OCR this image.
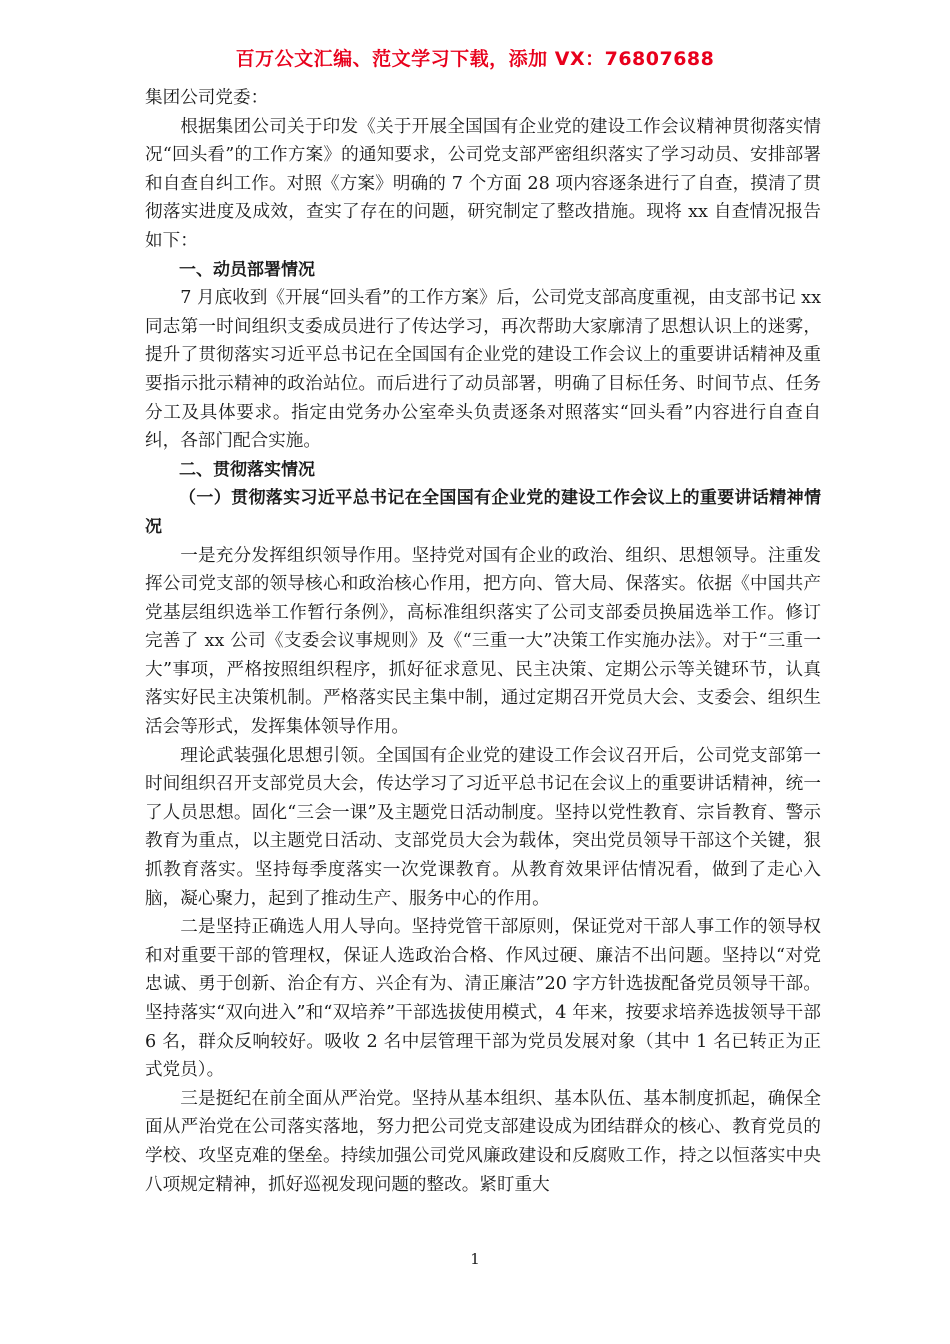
百万公文汇编、范文学习下载，添加 VX：76807688

集团公司党委：

根据集团公司关于印发《关于开展全国国有企业党的建设工作会议精神贯彻落实情况“回头看”的工作方案》的通知要求，公司党支部严密组织落实了学习动员、安排部署和自查自纠工作。对照《方案》明确的 7 个方面 28 项内容逐条进行了自查，摸清了贯彻落实进度及成效，查实了存在的问题，研究制定了整改措施。现将 xx 自查情况报告如下：

一、动员部署情况

7 月底收到《开展“回头看”的工作方案》后，公司党支部高度重视，由支部书记 xx 同志第一时间组织支委成员进行了传达学习，再次帮助大家廓清了思想认识上的迷雾，提升了贯彻落实习近平总书记在全国国有企业党的建设工作会议上的重要讲话精神及重要指示批示精神的政治站位。而后进行了动员部署，明确了目标任务、时间节点、任务分工及具体要求。指定由党务办公室牵头负责逐条对照落实“回头看”内容进行自查自纠，各部门配合实施。

二、贯彻落实情况

（一）贯彻落实习近平总书记在全国国有企业党的建设工作会议上的重要讲话精神情况

一是充分发挥组织领导作用。坚持党对国有企业的政治、组织、思想领导。注重发挥公司党支部的领导核心和政治核心作用，把方向、管大局、保落实。依据《中国共产党基层组织选举工作暂行条例》，高标准组织落实了公司支部委员换届选举工作。修订完善了 xx 公司《支委会议事规则》及《“三重一大”决策工作实施办法》。对于“三重一大”事项，严格按照组织程序，抓好征求意见、民主决策、定期公示等关键环节，认真落实好民主决策机制。严格落实民主集中制，通过定期召开党员大会、支委会、组织生活会等形式，发挥集体领导作用。

理论武装强化思想引领。全国国有企业党的建设工作会议召开后，公司党支部第一时间组织召开支部党员大会，传达学习了习近平总书记在会议上的重要讲话精神，统一了人员思想。固化“三会一课”及主题党日活动制度。坚持以党性教育、宗旨教育、警示教育为重点，以主题党日活动、支部党员大会为载体，突出党员领导干部这个关键，狠抓教育落实。坚持每季度落实一次党课教育。从教育效果评估情况看，做到了走心入脑，凝心聚力，起到了推动生产、服务中心的作用。

二是坚持正确选人用人导向。坚持党管干部原则，保证党对干部人事工作的领导权和对重要干部的管理权，保证人选政治合格、作风过硬、廉洁不出问题。坚持以“对党忠诚、勇于创新、治企有方、兴企有为、清正廉洁”20 字方针选拔配备党员领导干部。坚持落实“双向进入”和“双培养”干部选拔使用模式，4 年来，按要求培养选拔领导干部 6 名，群众反响较好。吸收 2 名中层管理干部为党员发展对象（其中 1 名已转正为正式党员）。

三是挺纪在前全面从严治党。坚持从基本组织、基本队伍、基本制度抓起，确保全面从严治党在公司落实落地，努力把公司党支部建设成为团结群众的核心、教育党员的学校、攻坚克难的堡垒。持续加强公司党风廉政建设和反腐败工作，持之以恒落实中央八项规定精神，抓好巡视发现问题的整改。紧盯重大

1
